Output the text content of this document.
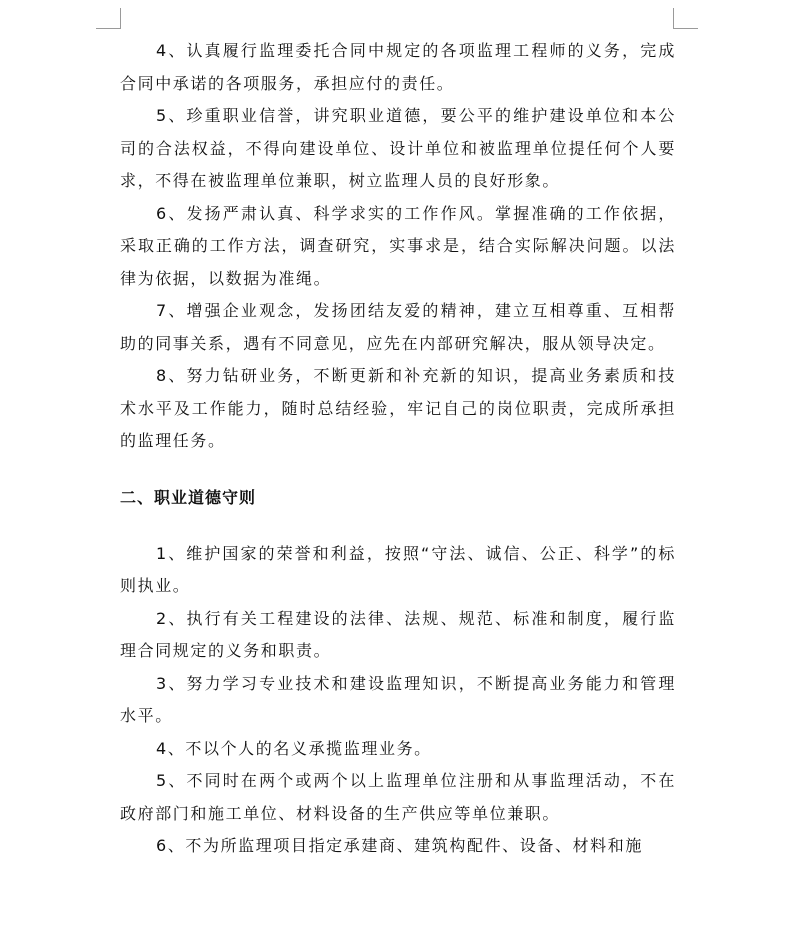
4、认真履行监理委托合同中规定的各项监理工程师的义务，完成合同中承诺的各项服务，承担应付的责任。

5、珍重职业信誉，讲究职业道德，要公平的维护建设单位和本公司的合法权益，不得向建设单位、设计单位和被监理单位提任何个人要求，不得在被监理单位兼职，树立监理人员的良好形象。

6、发扬严肃认真、科学求实的工作作风。掌握准确的工作依据，采取正确的工作方法，调查研究，实事求是，结合实际解决问题。以法律为依据，以数据为准绳。

7、增强企业观念，发扬团结友爱的精神，建立互相尊重、互相帮助的同事关系，遇有不同意见，应先在内部研究解决，服从领导决定。

8、努力钻研业务，不断更新和补充新的知识，提高业务素质和技术水平及工作能力，随时总结经验，牢记自己的岗位职责，完成所承担的监理任务。

二、职业道德守则

1、维护国家的荣誉和利益，按照“守法、诚信、公正、科学”的标则执业。

2、执行有关工程建设的法律、法规、规范、标准和制度，履行监理合同规定的义务和职责。

3、努力学习专业技术和建设监理知识，不断提高业务能力和管理水平。

4、不以个人的名义承揽监理业务。

5、不同时在两个或两个以上监理单位注册和从事监理活动，不在政府部门和施工单位、材料设备的生产供应等单位兼职。

6、不为所监理项目指定承建商、建筑构配件、设备、材料和施
